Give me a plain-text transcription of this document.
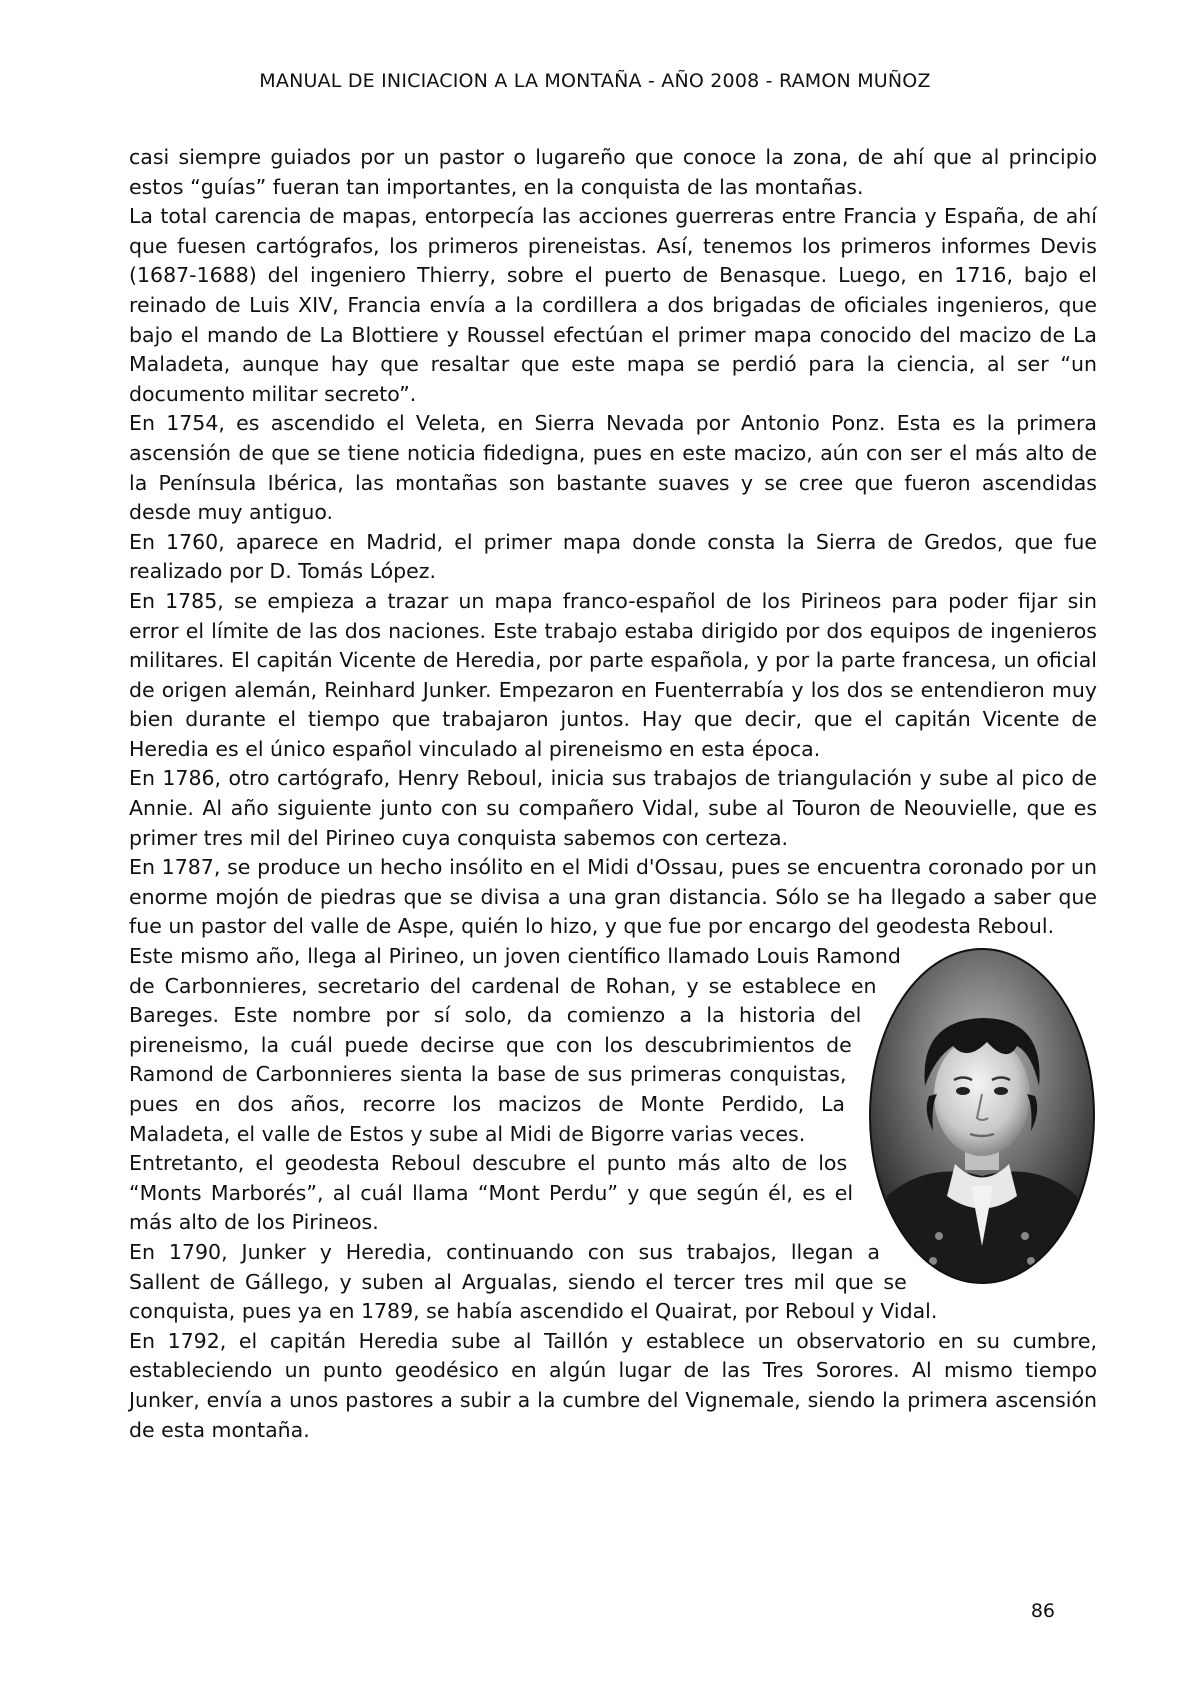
MANUAL DE INICIACION A LA MONTAÑA - AÑO 2008 - RAMON MUÑOZ

casi siempre guiados por un pastor o lugareño que conoce la zona, de ahí que al principio estos “guías” fueran tan importantes, en la conquista de las montañas.

La total carencia de mapas, entorpecía las acciones guerreras entre Francia y España, de ahí que fuesen cartógrafos, los primeros pireneistas. Así, tenemos los primeros informes Devis (1687-1688) del ingeniero Thierry, sobre el puerto de Benasque. Luego, en 1716, bajo el reinado de Luis XIV, Francia envía a la cordillera a dos brigadas de oficiales ingenieros, que bajo el mando de La Blottiere y Roussel efectúan el primer mapa conocido del macizo de La Maladeta, aunque hay que resaltar que este mapa se perdió para la ciencia, al ser “un documento militar secreto”.

En 1754, es ascendido el Veleta, en Sierra Nevada por Antonio Ponz. Esta es la primera ascensión de que se tiene noticia fidedigna, pues en este macizo, aún con ser el más alto de la Península Ibérica, las montañas son bastante suaves y se cree que fueron ascendidas desde muy antiguo.

En 1760, aparece en Madrid, el primer mapa donde consta la Sierra de Gredos, que fue realizado por D. Tomás López.

En 1785, se empieza a trazar un mapa franco-español de los Pirineos para poder fijar sin error el límite de las dos naciones. Este trabajo estaba dirigido por dos equipos de ingenieros militares. El capitán Vicente de Heredia, por parte española, y por la parte francesa, un oficial de origen alemán, Reinhard Junker. Empezaron en Fuenterrabía y los dos se entendieron muy bien durante el tiempo que trabajaron juntos. Hay que decir, que el capitán Vicente de Heredia es el único español vinculado al pireneismo en esta época.

En 1786, otro cartógrafo, Henry Reboul, inicia sus trabajos de triangulación y sube al pico de Annie. Al año siguiente junto con su compañero Vidal, sube al Touron de Neouvielle, que es primer tres mil del Pirineo cuya conquista sabemos con certeza.

En 1787, se produce un hecho insólito en el Midi d'Ossau, pues se encuentra coronado por un enorme mojón de piedras que se divisa a una gran distancia. Sólo se ha llegado a saber que fue un pastor del valle de Aspe, quién lo hizo, y que fue por encargo del geodesta Reboul.

Este mismo año, llega al Pirineo, un joven científico llamado Louis Ramond de Carbonnieres, secretario del cardenal de Rohan, y se establece en Bareges. Este nombre por sí solo, da comienzo a la historia del pireneismo, la cuál puede decirse que con los descubrimientos de Ramond de Carbonnieres sienta la base de sus primeras conquistas, pues en dos años, recorre los macizos de Monte Perdido, La Maladeta, el valle de Estos y sube al Midi de Bigorre varias veces.

Entretanto, el geodesta Reboul descubre el punto más alto de los “Monts Marborés”, al cuál llama “Mont Perdu” y que según él, es el más alto de los Pirineos.

En 1790, Junker y Heredia, continuando con sus trabajos, llegan a Sallent de Gállego, y suben al Argualas, siendo el tercer tres mil que se conquista, pues ya en 1789, se había ascendido el Quairat, por Reboul y Vidal.

En 1792, el capitán Heredia sube al Taillón y establece un observatorio en su cumbre, estableciendo un punto geodésico en algún lugar de las Tres Sorores. Al mismo tiempo Junker, envía a unos pastores a subir a la cumbre del Vignemale, siendo la primera ascensión de esta montaña.

86
